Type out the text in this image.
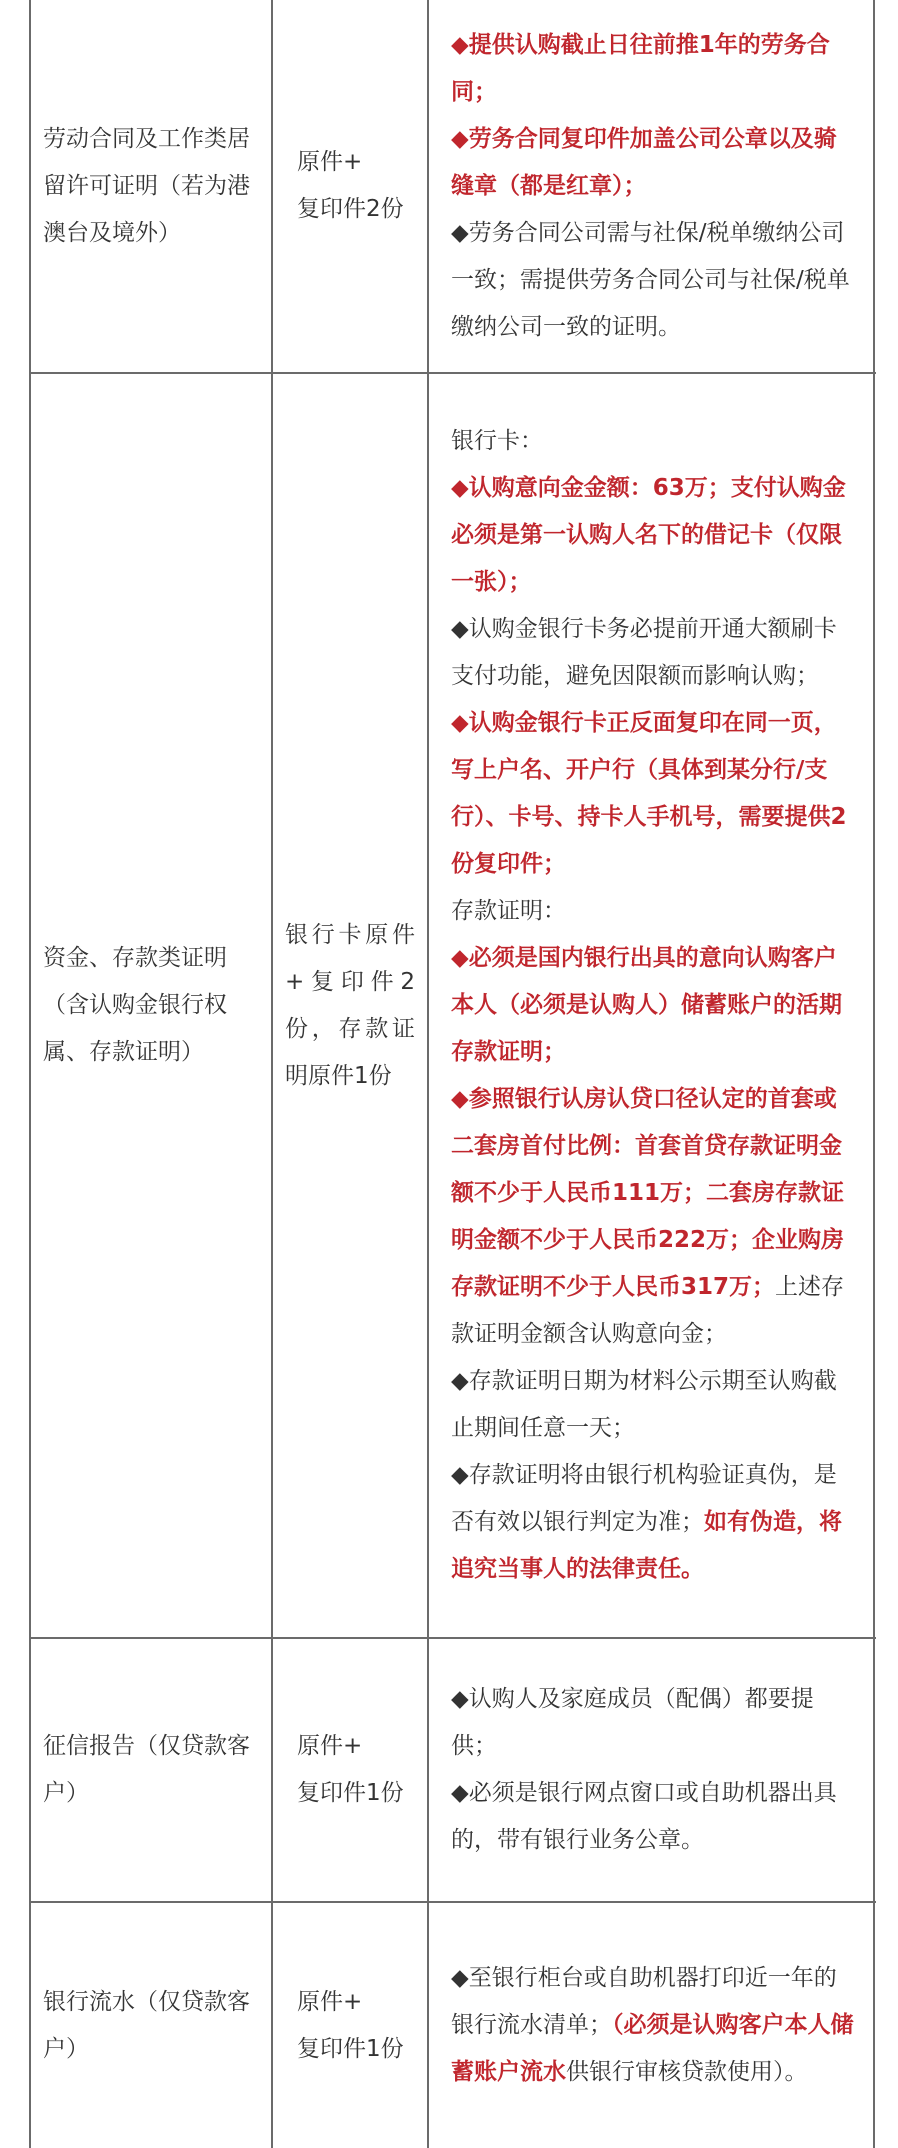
劳动合同及工作类居留许可证明（若为港澳台及境外）
原件+
复印件2份

◆提供认购截止日往前推1年的劳务合同；

◆劳务合同复印件加盖公司公章以及骑缝章（都是红章）；

◆劳务合同公司需与社保/税单缴纳公司一致；需提供劳务合同公司与社保/税单缴纳公司一致的证明。

资金、存款类证明（含认购金银行权属、存款证明）
银行卡原件+复印件2份，存款证明原件1份

银行卡：

◆认购意向金金额：63万；支付认购金必须是第一认购人名下的借记卡（仅限一张）；

◆认购金银行卡务必提前开通大额刷卡支付功能，避免因限额而影响认购；

◆认购金银行卡正反面复印在同一页，写上户名、开户行（具体到某分行/支行）、卡号、持卡人手机号，需要提供2份复印件；

存款证明：

◆必须是国内银行出具的意向认购客户本人（必须是认购人）储蓄账户的活期存款证明；

◆参照银行认房认贷口径认定的首套或二套房首付比例：首套首贷存款证明金额不少于人民币111万；二套房存款证明金额不少于人民币222万；企业购房存款证明不少于人民币317万；上述存款证明金额含认购意向金；

◆存款证明日期为材料公示期至认购截止期间任意一天；

◆存款证明将由银行机构验证真伪，是否有效以银行判定为准；如有伪造，将追究当事人的法律责任。

征信报告（仅贷款客户）
原件+
复印件1份

◆认购人及家庭成员（配偶）都要提供；

◆必须是银行网点窗口或自助机器出具的，带有银行业务公章。

银行流水（仅贷款客户）
原件+
复印件1份

◆至银行柜台或自助机器打印近一年的银行流水清单；（必须是认购客户本人储蓄账户流水供银行审核贷款使用）。
